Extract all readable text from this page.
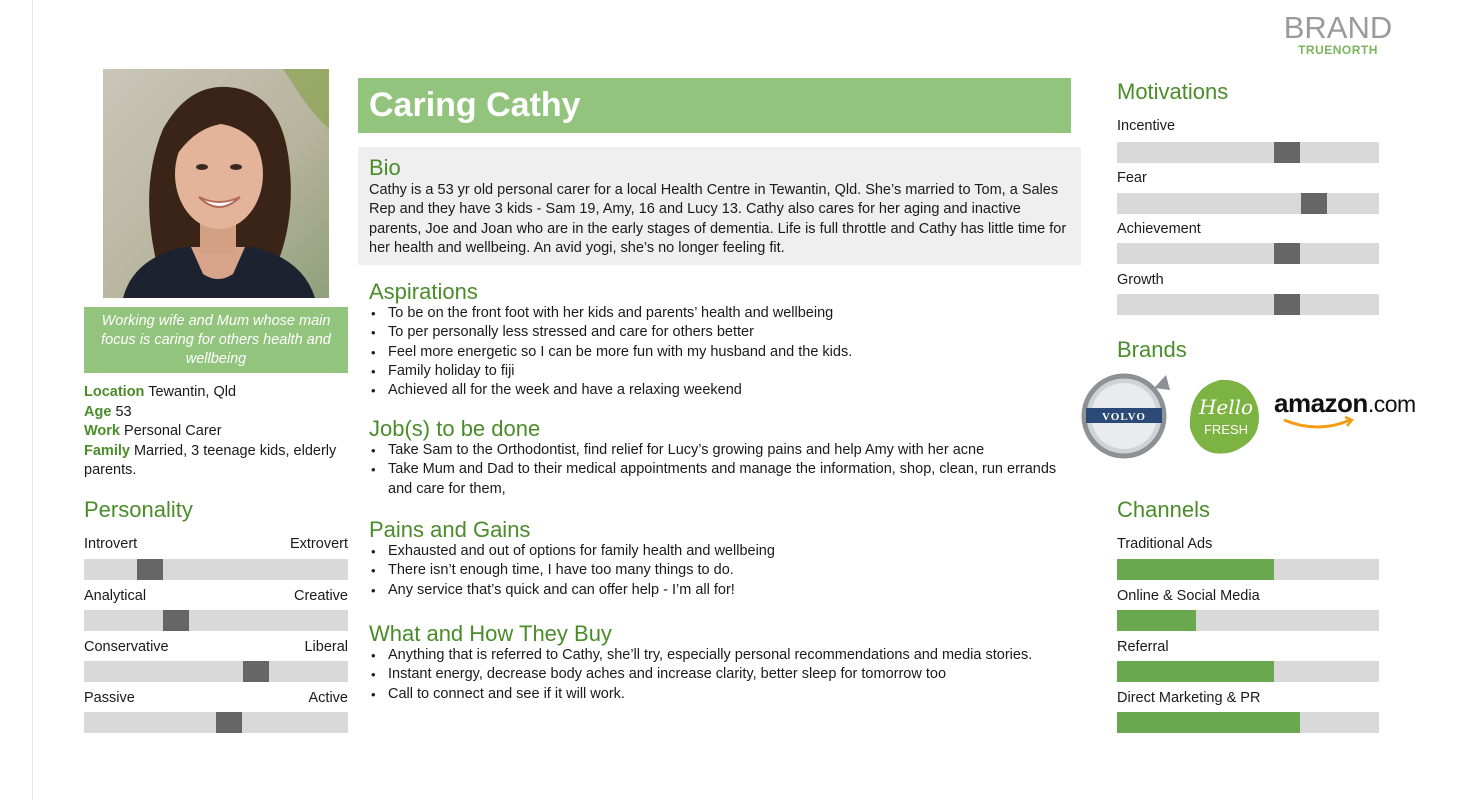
BRAND
TRUENORTH
Working wife and Mum whose main focus is caring for others health and wellbeing
Location Tewantin, Qld
Age 53
Work Personal Carer
Family Married, 3 teenage kids, elderly parents.
Personality
Introvert	Extrovert
Analytical	Creative
Conservative	Liberal
Passive	Active
Caring Cathy
Bio

Cathy is a 53 yr old personal carer for a local Health Centre in Tewantin, Qld. She’s married to Tom, a Sales Rep and they have 3 kids - Sam 19, Amy, 16 and Lucy 13. Cathy also cares for her aging and inactive parents, Joe and Joan who are in the early stages of dementia. Life is full throttle and Cathy has little time for her health and wellbeing. An avid yogi, she’s no longer feeling fit.

Aspirations
• To be on the front foot with her kids and parents’ health and wellbeing
• To per personally less stressed and care for others better
• Feel more energetic so I can be more fun with my husband and the kids.
• Family holiday to fiji
• Achieved all for the week and have a relaxing weekend
Job(s) to be done
• Take Sam to the Orthodontist, find relief for Lucy’s growing pains and help Amy with her acne
• Take Mum and Dad to their medical appointments and manage the information, shop, clean, run errands and care for them,
Pains and Gains
• Exhausted and out of options for family health and wellbeing
• There isn’t enough time, I have too many things to do.
• Any service that’s quick and can offer help - I’m all for!
What and How They Buy
• Anything that is referred to Cathy, she’ll try, especially personal recommendations and media stories.
• Instant energy, decrease body aches and increase clarity, better sleep for tomorrow too
• Call to connect and see if it will work.
Motivations
Incentive
Fear
Achievement
Growth
Brands
VOLVO	Hello
FRESH
amazon.com
Channels
Traditional Ads
Online & Social Media
Referral
Direct Marketing & PR
